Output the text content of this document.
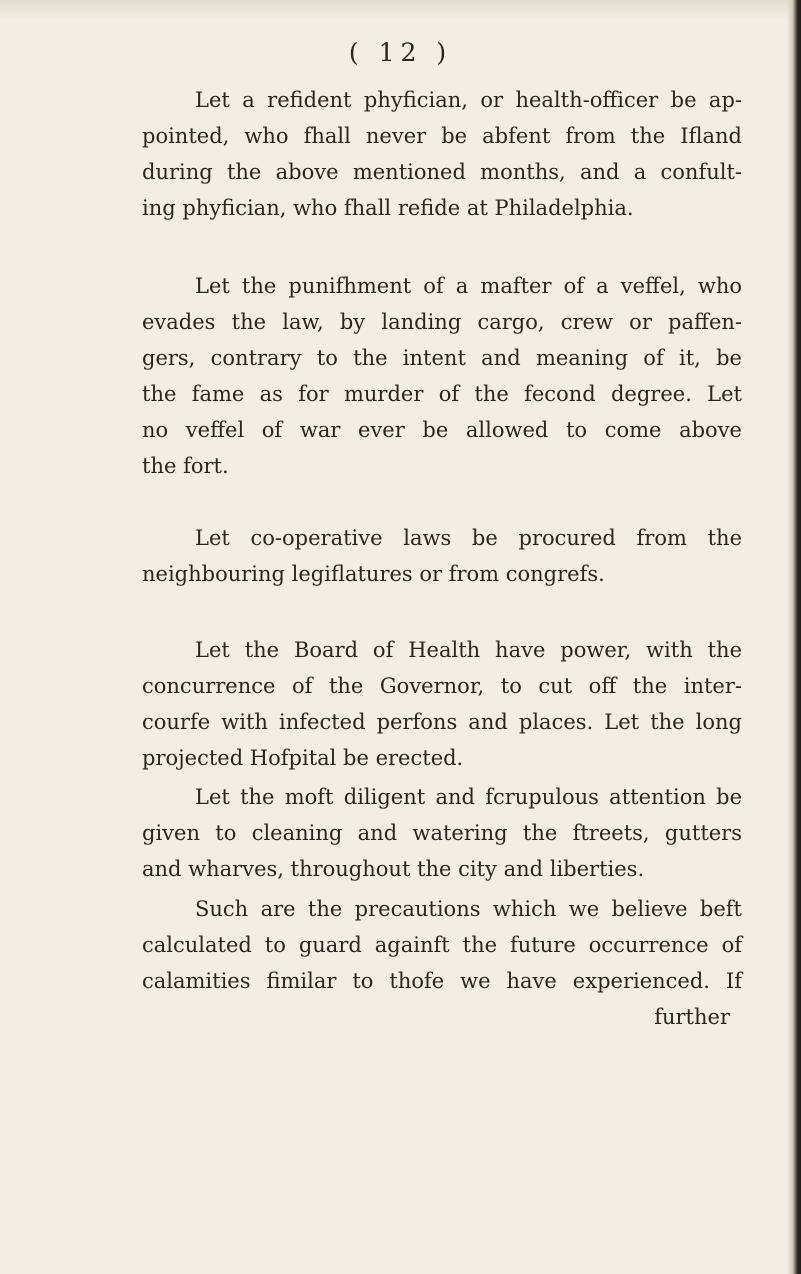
( 12 )
Let a refident phyfician, or health-officer be ap-
pointed, who fhall never be abfent from the Ifland
during the above mentioned months, and a confult-
ing phyfician, who fhall refide at Philadelphia.
Let the punifhment of a mafter of a veffel, who
evades the law, by landing cargo, crew or paffen-
gers, contrary to the intent and meaning of it, be
the fame as for murder of the fecond degree. Let
no veffel of war ever be allowed to come above
the fort.
Let co-operative laws be procured from the
neighbouring legiflatures or from congrefs.
Let the Board of Health have power, with the
concurrence of the Governor, to cut off the inter-
courfe with infected perfons and places. Let the long
projected Hofpital be erected.
Let the moft diligent and fcrupulous attention be
given to cleaning and watering the ftreets, gutters
and wharves, throughout the city and liberties.
Such are the precautions which we believe beft
calculated to guard againft the future occurrence of
calamities fimilar to thofe we have experienced. If
further
